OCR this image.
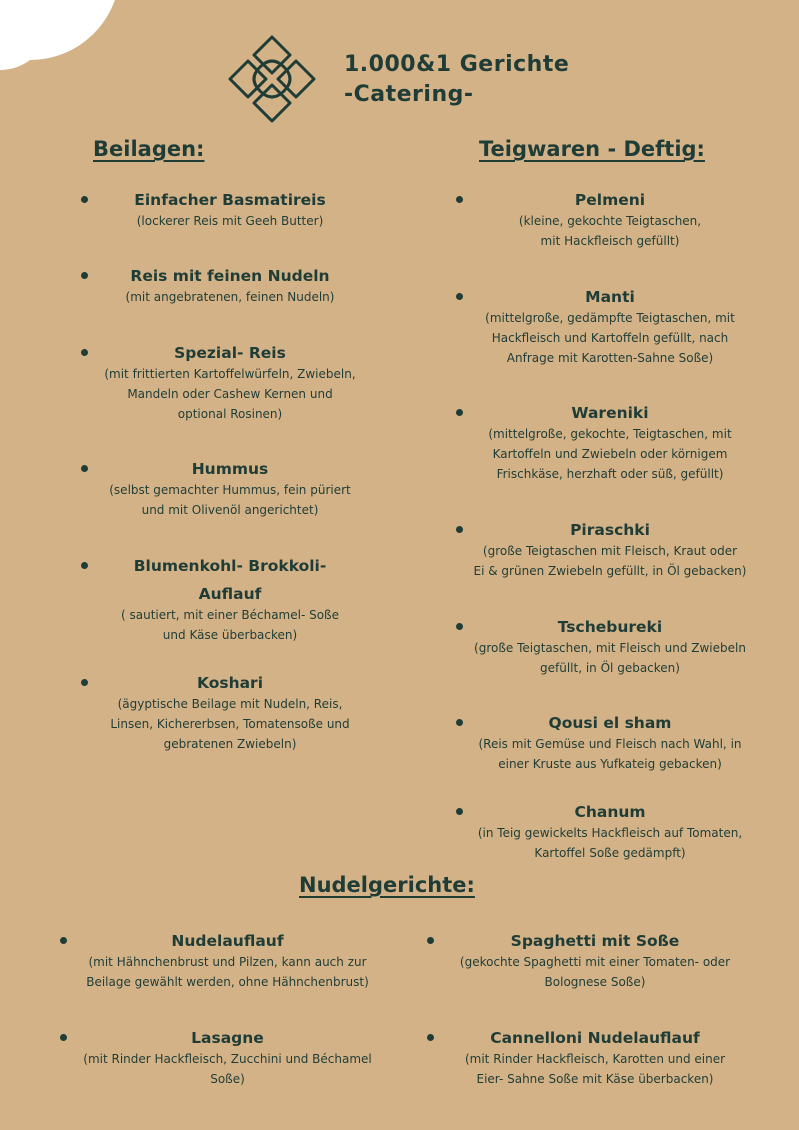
1.000&1 Gerichte
-Catering-
Beilagen:	Teigwaren - Deftig:
Nudelgerichte:
Einfacher Basmatireis
(lockerer Reis mit Geeh Butter)
Reis mit feinen Nudeln
(mit angebratenen, feinen Nudeln)
Spezial- Reis
(mit frittierten Kartoffelwürfeln, Zwiebeln,
Mandeln oder Cashew Kernen und
optional Rosinen)
Hummus
(selbst gemachter Hummus, fein püriert
und mit Olivenöl angerichtet)
Blumenkohl- Brokkoli-
Auflauf
( sautiert, mit einer Béchamel- Soße
und Käse überbacken)
Koshari
(ägyptische Beilage mit Nudeln, Reis,
Linsen, Kichererbsen, Tomatensoße und
gebratenen Zwiebeln)
Pelmeni
(kleine, gekochte Teigtaschen,
mit Hackfleisch gefüllt)
Manti
(mittelgroße, gedämpfte Teigtaschen, mit
Hackfleisch und Kartoffeln gefüllt, nach
Anfrage mit Karotten-Sahne Soße)
Wareniki
(mittelgroße, gekochte, Teigtaschen, mit
Kartoffeln und Zwiebeln oder körnigem
Frischkäse, herzhaft oder süß, gefüllt)
Piraschki
(große Teigtaschen mit Fleisch, Kraut oder
Ei & grünen Zwiebeln gefüllt, in Öl gebacken)
Tschebureki
(große Teigtaschen, mit Fleisch und Zwiebeln
gefüllt, in Öl gebacken)
Qousi el sham
(Reis mit Gemüse und Fleisch nach Wahl, in
einer Kruste aus Yufkateig gebacken)
Chanum
(in Teig gewickelts Hackfleisch auf Tomaten,
Kartoffel Soße gedämpft)
Nudelauflauf
(mit Hähnchenbrust und Pilzen, kann auch zur
Beilage gewählt werden, ohne Hähnchenbrust)
Spaghetti mit Soße
(gekochte Spaghetti mit einer Tomaten- oder
Bolognese Soße)
Lasagne
(mit Rinder Hackfleisch, Zucchini und Béchamel
Soße)
Cannelloni Nudelauflauf
(mit Rinder Hackfleisch, Karotten und einer
Eier- Sahne Soße mit Käse überbacken)
